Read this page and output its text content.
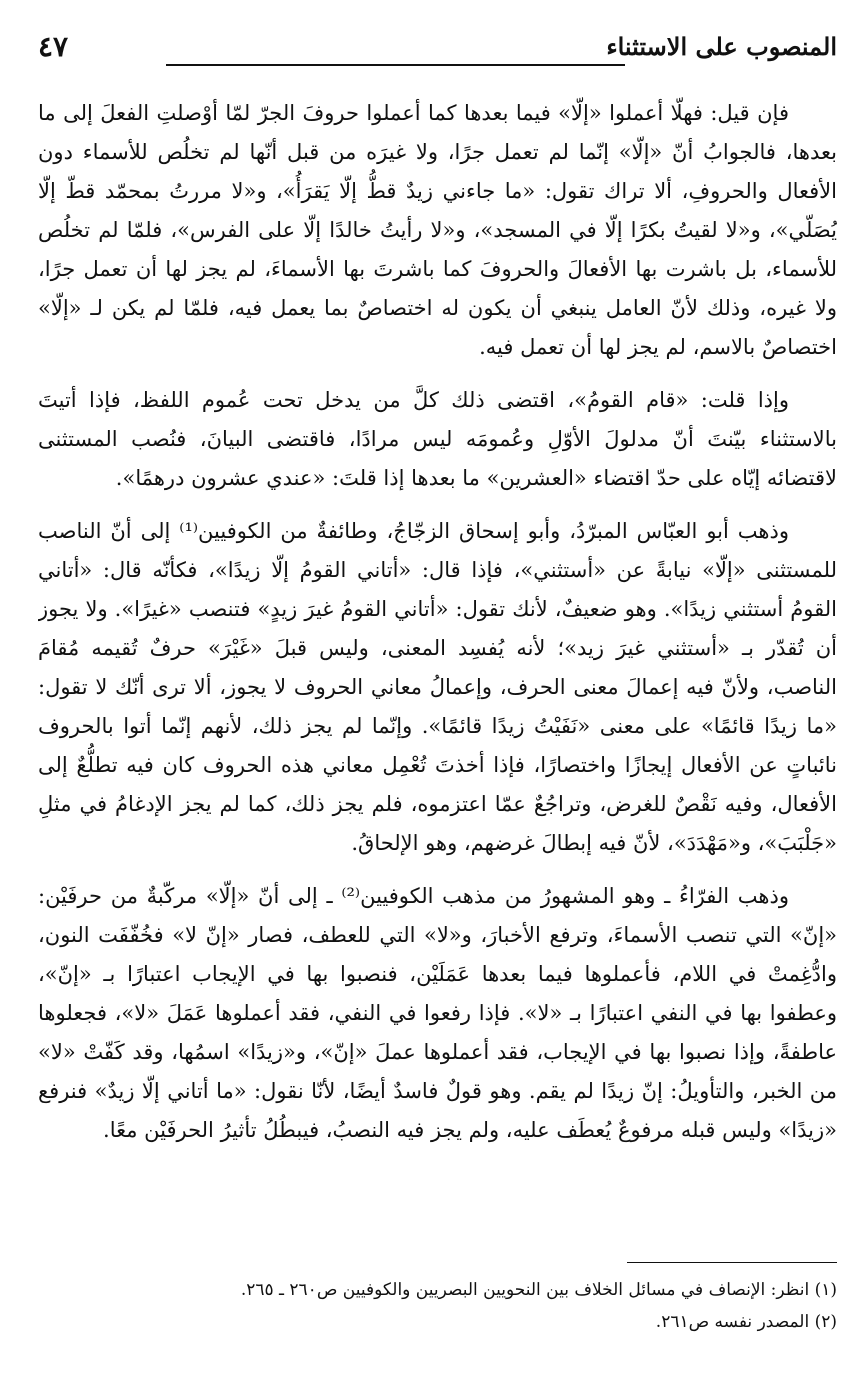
المنصوب على الاستثناء
٤٧

فإن قيل: فهلّا أعملوا «إلّا» فيما بعدها كما أعملوا حروفَ الجرّ لمّا أوْصلتِ الفعلَ إلى ما بعدها، فالجوابُ أنّ «إلّا» إنّما لم تعمل جرًا، ولا غيرَه من قبل أنّها لم تخلُص للأسماء دون الأفعال والحروفِ، ألا تراك تقول: «ما جاءني زيدٌ قطُّ إلّا يَقرَأُ»، و«لا مررتُ بمحمّد قطّ إلّا يُصَلّي»، و«لا لقيتُ بكرًا إلّا في المسجد»، و«لا رأيتُ خالدًا إلّا على الفرس»، فلمّا لم تخلُص للأسماء، بل باشرت بها الأفعالَ والحروفَ كما باشرتَ بها الأسماءَ، لم يجز لها أن تعمل جرًا، ولا غيره، وذلك لأنّ العامل ينبغي أن يكون له اختصاصٌ بما يعمل فيه، فلمّا لم يكن لـ «إلّا» اختصاصٌ بالاسم، لم يجز لها أن تعمل فيه.

وإذا قلت: «قام القومُ»، اقتضى ذلك كلَّ من يدخل تحت عُموم اللفظ، فإذا أتيتَ بالاستثناء بيّنتَ أنّ مدلولَ الأوّلِ وعُمومَه ليس مرادًا، فاقتضى البيانَ، فنُصب المستثنى لاقتضائه إيّاه على حدّ اقتضاء «العشرين» ما بعدها إذا قلتَ: «عندي عشرون درهمًا».

وذهب أبو العبّاس المبرّدُ، وأبو إسحاق الزجّاجُ، وطائفةٌ من الكوفيين⁽¹⁾ إلى أنّ الناصب للمستثنى «إلّا» نيابةً عن «أستثني»، فإذا قال: «أتاني القومُ إلّا زيدًا»، فكأنّه قال: «أتاني القومُ أستثني زيدًا». وهو ضعيفٌ، لأنك تقول: «أتاني القومُ غيرَ زيدٍ» فتنصب «غيرًا». ولا يجوز أن تُقدّر بـ «أستثني غيرَ زيد»؛ لأنه يُفسِد المعنى، وليس قبلَ «غَيْرَ» حرفٌ تُقيمه مُقامَ الناصب، ولأنّ فيه إعمالَ معنى الحرف، وإعمالُ معاني الحروف لا يجوز، ألا ترى أنّك لا تقول: «ما زيدًا قائمًا» على معنى «نَفَيْتُ زيدًا قائمًا». وإنّما لم يجز ذلك، لأنهم إنّما أتوا بالحروف نائباتٍ عن الأفعال إيجازًا واختصارًا، فإذا أخذتَ تُعْمِل معاني هذه الحروف كان فيه تطلُّعٌ إلى الأفعال، وفيه نَقْصٌ للغرض، وتراجُعٌ عمّا اعتزموه، فلم يجز ذلك، كما لم يجز الإدغامُ في مثلِ «جَلْبَبَ»، و«مَهْدَدَ»، لأنّ فيه إبطالَ غرضهم، وهو الإلحاقُ.

وذهب الفرّاءُ ـ وهو المشهورُ من مذهب الكوفيين⁽²⁾ ـ إلى أنّ «إلّا» مركّبةٌ من حرفَيْن: «إنّ» التي تنصب الأسماءَ، وترفع الأخبارَ، و«لا» التي للعطف، فصار «إنّ لا» فخُفّفَت النون، وادُّغِمتْ في اللام، فأعملوها فيما بعدها عَمَلَيْن، فنصبوا بها في الإيجاب اعتبارًا بـ «إنّ»، وعطفوا بها في النفي اعتبارًا بـ «لا». فإذا رفعوا في النفي، فقد أعملوها عَمَلَ «لا»، فجعلوها عاطفةً، وإذا نصبوا بها في الإيجاب، فقد أعملوها عملَ «إنّ»، و«زيدًا» اسمُها، وقد كَفّتْ «لا» من الخبر، والتأويلُ: إنّ زيدًا لم يقم. وهو قولٌ فاسدٌ أيضًا، لأنّا نقول: «ما أتاني إلّا زيدٌ» فنرفع «زيدًا» وليس قبله مرفوعٌ يُعطَف عليه، ولم يجز فيه النصبُ، فيبطُلُ تأثيرُ الحرفَيْن معًا.

(١) انظر: الإنصاف في مسائل الخلاف بين النحويين البصريين والكوفيين ص٢٦٠ ـ ٢٦٥.
(٢) المصدر نفسه ص٢٦١.
